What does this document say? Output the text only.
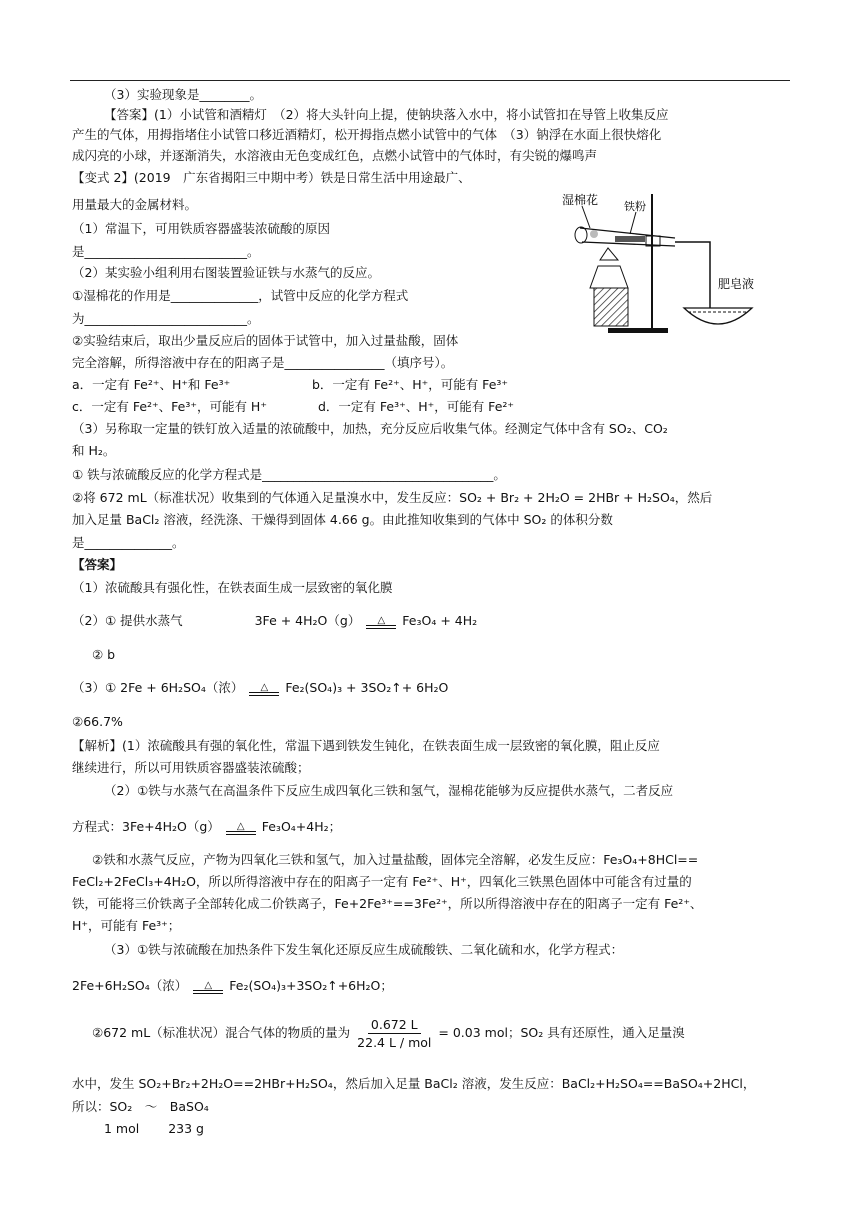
（3）实验现象是________。
【答案】(1）小试管和酒精灯　（2）将大头针向上提，使钠块落入水中，将小试管扣在导管上收集反应
产生的气体，用拇指堵住小试管口移近酒精灯，松开拇指点燃小试管中的气体　（3）钠浮在水面上很快熔化
成闪亮的小球，并逐渐消失，水溶液由无色变成红色，点燃小试管中的气体时，有尖锐的爆鸣声
【变式 2】(2019　广东省揭阳三中期中考）铁是日常生活中用途最广、
用量最大的金属材料。
（1）常温下，可用铁质容器盛装浓硫酸的原因
是__________________________。
（2）某实验小组利用右图装置验证铁与水蒸气的反应。
①湿棉花的作用是______________，试管中反应的化学方程式
为__________________________。
②实验结束后，取出少量反应后的固体于试管中，加入过量盐酸，固体
完全溶解，所得溶液中存在的阳离子是________________（填序号）。
a．一定有 Fe²⁺、H⁺和 Fe³⁺	b．一定有 Fe²⁺、H⁺，可能有 Fe³⁺
c．一定有 Fe²⁺、Fe³⁺，可能有 H⁺	d．一定有 Fe³⁺、H⁺，可能有 Fe²⁺
（3）另称取一定量的铁钉放入适量的浓硫酸中，加热，充分反应后收集气体。经测定气体中含有 SO₂、CO₂
和 H₂。
① 铁与浓硫酸反应的化学方程式是_____________________________________。
②将 672 mL（标准状况）收集到的气体通入足量溴水中，发生反应：SO₂ + Br₂ + 2H₂O = 2HBr + H₂SO₄，然后
加入足量 BaCl₂ 溶液，经洗涤、干燥得到固体 4.66 g。由此推知收集到的气体中 SO₂ 的体积分数
是______________。
【答案】
（1）浓硫酸具有强化性，在铁表面生成一层致密的氧化膜
（2）① 提供水蒸气	3Fe + 4H₂O（g） △ Fe₃O₄ + 4H₂
② b
（3）① 2Fe + 6H₂SO₄（浓） △ Fe₂(SO₄)₃ + 3SO₂↑+ 6H₂O
②66.7%
【解析】(1）浓硫酸具有强的氧化性，常温下遇到铁发生钝化，在铁表面生成一层致密的氧化膜，阻止反应
继续进行，所以可用铁质容器盛装浓硫酸；
（2）①铁与水蒸气在高温条件下反应生成四氧化三铁和氢气，湿棉花能够为反应提供水蒸气，二者反应
方程式：3Fe+4H₂O（g） △ Fe₃O₄+4H₂；
②铁和水蒸气反应，产物为四氧化三铁和氢气，加入过量盐酸，固体完全溶解，必发生反应：Fe₃O₄+8HCl==
FeCl₂+2FeCl₃+4H₂O，所以所得溶液中存在的阳离子一定有 Fe²⁺、H⁺，四氧化三铁黑色固体中可能含有过量的
铁，可能将三价铁离子全部转化成二价铁离子，Fe+2Fe³⁺==3Fe²⁺，所以所得溶液中存在的阳离子一定有 Fe²⁺、
H⁺，可能有 Fe³⁺；
（3）①铁与浓硫酸在加热条件下发生氧化还原反应生成硫酸铁、二氧化硫和水，化学方程式：
2Fe+6H₂SO₄（浓） △ Fe₂(SO₄)₃+3SO₂↑+6H₂O；
②672 mL（标准状况）混合气体的物质的量为 $\frac{0.672 L}{\text{22.4 L / mol}} = 0.03$ mol；SO₂ 具有还原性，通入足量溴
水中，发生 SO₂+Br₂+2H₂O==2HBr+H₂SO₄，然后加入足量 BaCl₂ 溶液，发生反应：BaCl₂+H₂SO₄==BaSO₄+2HCl，
所以：SO₂　～　BaSO₄
1 mol　　 233 g
湿棉花 铁粉
肥皂液
